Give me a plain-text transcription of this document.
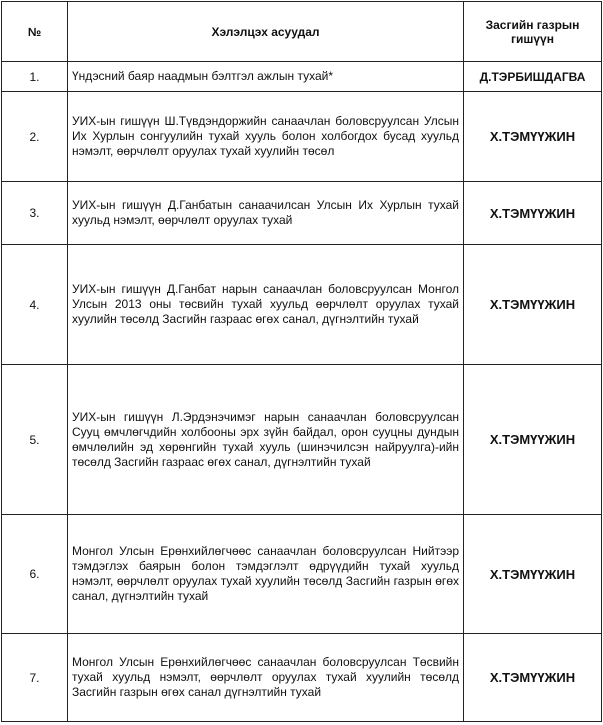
№	Хэлэлцэх асуудал	Засгийн газрын гишүүн
1.	Үндэсний баяр наадмын бэлтгэл ажлын тухай*	Д.ТЭРБИШДАГВА
2.	УИХ-ын гишүүн Ш.Түвдэндоржийн санаачлан боловсруулсан Улсын Их Хурлын сонгуулийн тухай хууль болон холбогдох бусад хуульд нэмэлт, өөрчлөлт оруулах тухай хуулийн төсөл	Х.ТЭМҮҮЖИН
3.	УИХ-ын гишүүн Д.Ганбатын санаачилсан Улсын Их Хурлын тухай хуульд нэмэлт, өөрчлөлт оруулах тухай	Х.ТЭМҮҮЖИН
4.	УИХ-ын гишүүн Д.Ганбат нарын санаачлан боловсруулсан Монгол Улсын 2013 оны төсвийн тухай хуульд өөрчлөлт оруулах тухай хуулийн төсөлд Засгийн газраас өгөх санал, дүгнэлтийн тухай	Х.ТЭМҮҮЖИН
5.	УИХ-ын гишүүн Л.Эрдэнэчимэг нарын санаачлан боловсруулсан Сууц өмчлөгчдийн холбооны эрх зүйн байдал, орон сууцны дундын өмчлөлийн эд хөрөнгийн тухай хууль (шинэчилсэн найруулга)-ийн төсөлд Засгийн газраас өгөх санал, дүгнэлтийн тухай	Х.ТЭМҮҮЖИН
6.	Монгол Улсын Ерөнхийлөгчөөс санаачлан боловсруулсан Нийтээр тэмдэглэх баярын болон тэмдэглэлт өдрүүдийн тухай хуульд нэмэлт, өөрчлөлт оруулах тухай хуулийн төсөлд Засгийн газрын өгөх санал, дүгнэлтийн тухай	Х.ТЭМҮҮЖИН
7.	Монгол Улсын Ерөнхийлөгчөөс санаачлан боловсруулсан Төсвийн тухай хуульд нэмэлт, өөрчлөлт оруулах тухай хуулийн төсөлд Засгийн газрын өгөх санал дүгнэлтийн тухай	Х.ТЭМҮҮЖИН
